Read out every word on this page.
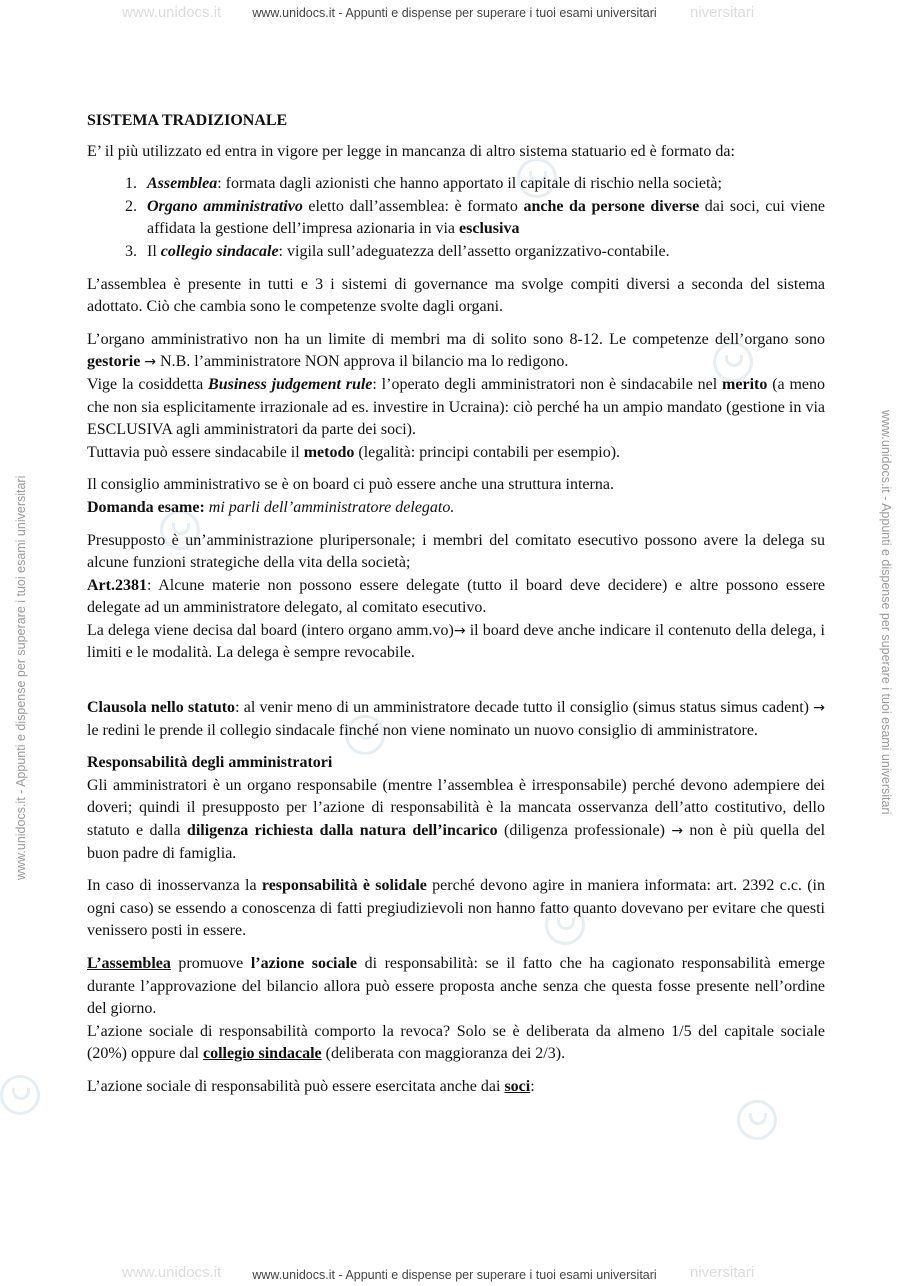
www.unidocs.it	niversitari
www.unidocs.it - Appunti e dispense per superare i tuoi esami universitari
www.unidocs.it	niversitari
www.unidocs.it - Appunti e dispense per superare i tuoi esami universitari
www.unidocs.it - Appunti e dispense per superare i tuoi esami universitari	www.unidocs.it - Appunti e dispense per superare i tuoi esami universitari

SISTEMA TRADIZIONALE

E’ il più utilizzato ed entra in vigore per legge in mancanza di altro sistema statuario ed è formato da:

1. Assemblea: formata dagli azionisti che hanno apportato il capitale di rischio nella società;
2. Organo amministrativo eletto dall’assemblea: è formato anche da persone diverse dai soci, cui viene affidata la gestione dell’impresa azionaria in via esclusiva
3. Il collegio sindacale: vigila sull’adeguatezza dell’assetto organizzativo-contabile.

L’assemblea è presente in tutti e 3 i sistemi di governance ma svolge compiti diversi a seconda del sistema adottato. Ciò che cambia sono le competenze svolte dagli organi.

L’organo amministrativo non ha un limite di membri ma di solito sono 8-12. Le competenze dell’organo sono gestorie → N.B. l’amministratore NON approva il bilancio ma lo redigono.
Vige la cosiddetta Business judgement rule: l’operato degli amministratori non è sindacabile nel merito (a meno che non sia esplicitamente irrazionale ad es. investire in Ucraina): ciò perché ha un ampio mandato (gestione in via ESCLUSIVA agli amministratori da parte dei soci).
Tuttavia può essere sindacabile il metodo (legalità: principi contabili per esempio).

Il consiglio amministrativo se è on board ci può essere anche una struttura interna.
Domanda esame: mi parli dell’amministratore delegato.

Presupposto è un’amministrazione pluripersonale; i membri del comitato esecutivo possono avere la delega su alcune funzioni strategiche della vita della società;
Art.2381: Alcune materie non possono essere delegate (tutto il board deve decidere) e altre possono essere delegate ad un amministratore delegato, al comitato esecutivo.
La delega viene decisa dal board (intero organo amm.vo)→ il board deve anche indicare il contenuto della delega, i limiti e le modalità. La delega è sempre revocabile.

Clausola nello statuto: al venir meno di un amministratore decade tutto il consiglio (simus status simus cadent) → le redini le prende il collegio sindacale finché non viene nominato un nuovo consiglio di amministratore.

Responsabilità degli amministratori
Gli amministratori è un organo responsabile (mentre l’assemblea è irresponsabile) perché devono adempiere dei doveri; quindi il presupposto per l’azione di responsabilità è la mancata osservanza dell’atto costitutivo, dello statuto e dalla diligenza richiesta dalla natura dell’incarico (diligenza professionale) → non è più quella del buon padre di famiglia.

In caso di inosservanza la responsabilità è solidale perché devono agire in maniera informata: art. 2392 c.c. (in ogni caso) se essendo a conoscenza di fatti pregiudizievoli non hanno fatto quanto dovevano per evitare che questi venissero posti in essere.

L’assemblea promuove l’azione sociale di responsabilità: se il fatto che ha cagionato responsabilità emerge durante l’approvazione del bilancio allora può essere proposta anche senza che questa fosse presente nell’ordine del giorno.
L’azione sociale di responsabilità comporto la revoca? Solo se è deliberata da almeno 1/5 del capitale sociale (20%) oppure dal collegio sindacale (deliberata con maggioranza dei 2/3).

L’azione sociale di responsabilità può essere esercitata anche dai soci:
